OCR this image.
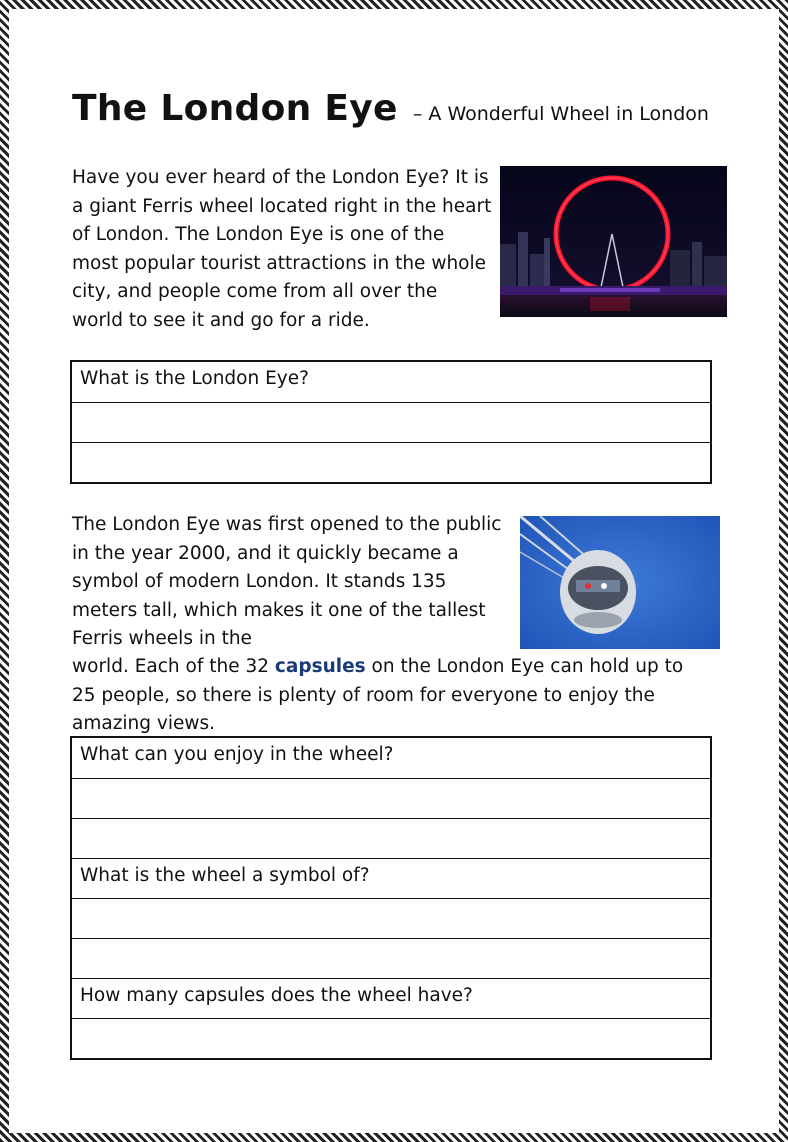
The London Eye – A Wonderful Wheel in London

Have you ever heard of the London Eye? It is a giant Ferris wheel located right in the heart of London. The London Eye is one of the most popular tourist attractions in the whole city, and people come from all over the world to see it and go for a ride.

What is the London Eye?

The London Eye was first opened to the public in the year 2000, and it quickly became a symbol of modern London. It stands 135 meters tall, which makes it one of the tallest Ferris wheels in the

world. Each of the 32 capsules on the London Eye can hold up to 25 people, so there is plenty of room for everyone to enjoy the amazing views.

What can you enjoy in the wheel?
What is the wheel a symbol of?
How many capsules does the wheel have?
